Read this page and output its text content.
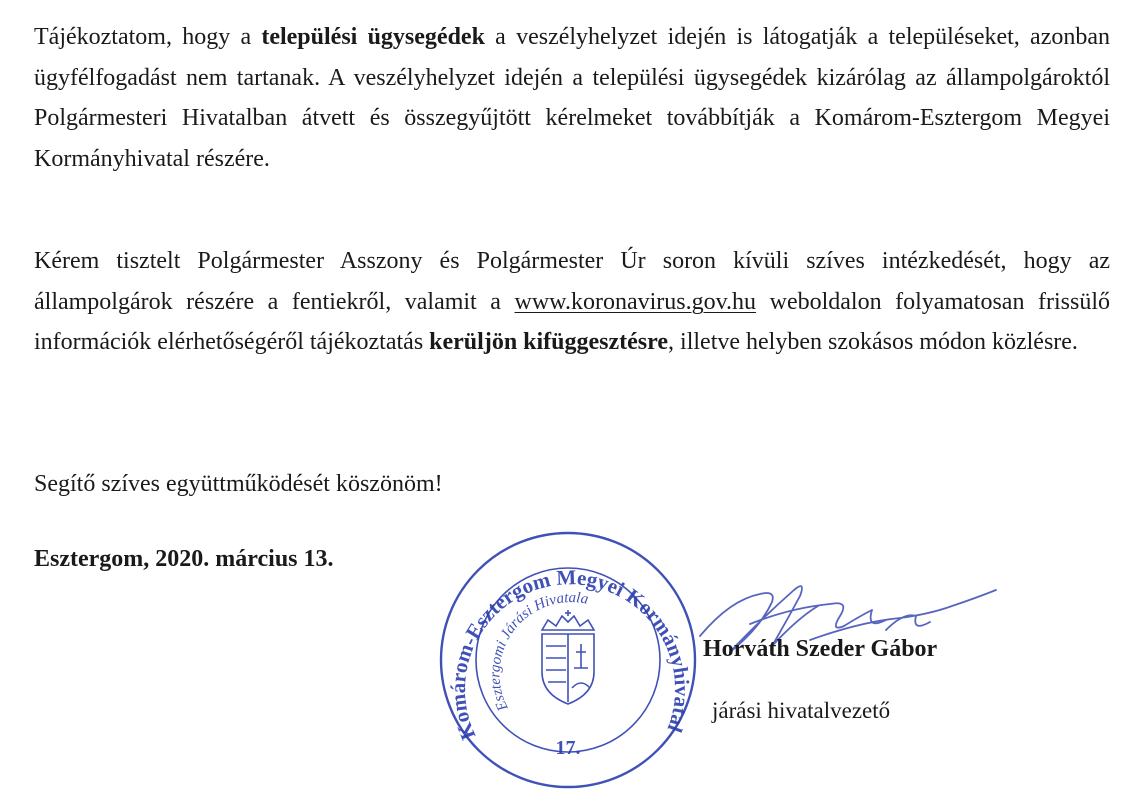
Tájékoztatom, hogy a települési ügysegédek a veszélyhelyzet idején is látogatják a településeket, azonban ügyfélfogadást nem tartanak. A veszélyhelyzet idején a települési ügysegédek kizárólag az állampolgároktól Polgármesteri Hivatalban átvett és összegyűjtött kérelmeket továbbítják a Komárom-Esztergom Megyei Kormányhivatal részére.

Kérem tisztelt Polgármester Asszony és Polgármester Úr soron kívüli szíves intézkedését, hogy az állampolgárok részére a fentiekről, valamit a www.koronavirus.gov.hu weboldalon folyamatosan frissülő információk elérhetőségéről tájékoztatás kerüljön kifüggesztésre, illetve helyben szokásos módon közlésre.

Segítő szíves együttműködését köszönöm!

Esztergom, 2020. március 13.

Komárom-Esztergom Megyei Kormányhivatal
Esztergomi Járási Hivatala
17.

Horváth Szeder Gábor

járási hivatalvezető
